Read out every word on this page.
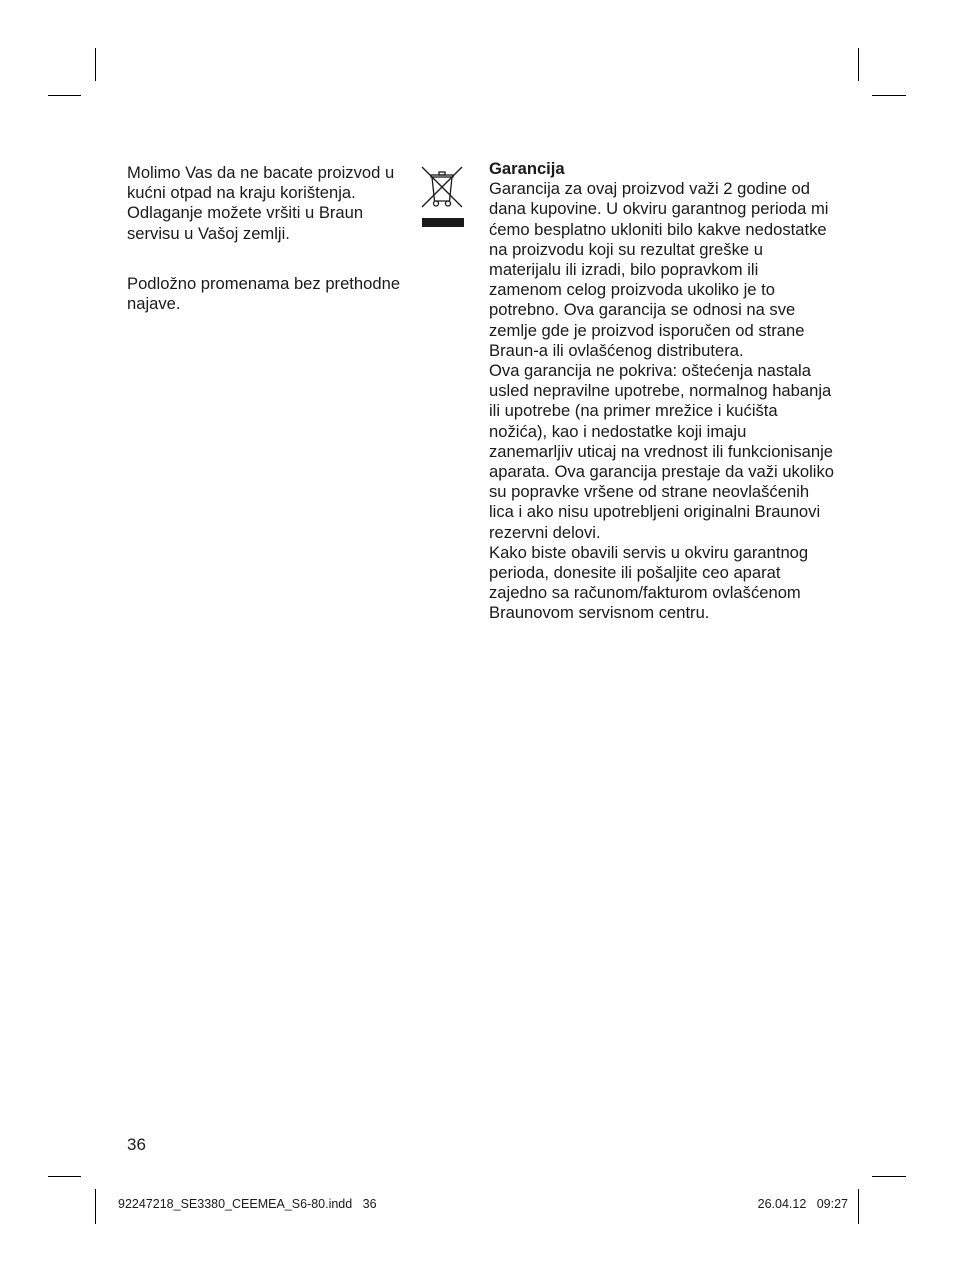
Molimo Vas da ne bacate proizvod u kućni otpad na kraju korištenja. Odlaganje možete vršiti u Braun servisu u Vašoj zemlji.

Podložno promenama bez prethodne najave.

Garancija

Garancija za ovaj proizvod važi 2 godine od dana kupovine. U okviru garantnog perioda mi ćemo besplatno ukloniti bilo kakve nedostatke na proizvodu koji su rezultat greške u materijalu ili izradi, bilo popravkom ili zamenom celog proizvoda ukoliko je to potrebno. Ova garancija se odnosi na sve zemlje gde je proizvod isporučen od strane Braun-a ili ovlašćenog distributera.

Ova garancija ne pokriva: oštećenja nastala usled nepravilne upotrebe, normalnog habanja ili upotrebe (na primer mrežice i kućišta nožića), kao i nedostatke koji imaju zanemarljiv uticaj na vrednost ili funkcionisanje aparata. Ova garancija prestaje da važi ukoliko su popravke vršene od strane neovlašćenih lica i ako nisu upotrebljeni originalni Braunovi rezervni delovi.

Kako biste obavili servis u okviru garantnog perioda, donesite ili pošaljite ceo aparat zajedno sa računom/fakturom ovlašćenom Braunovom servisnom centru.

36
92247218_SE3380_CEEMEA_S6-80.indd   36	26.04.12   09:27
